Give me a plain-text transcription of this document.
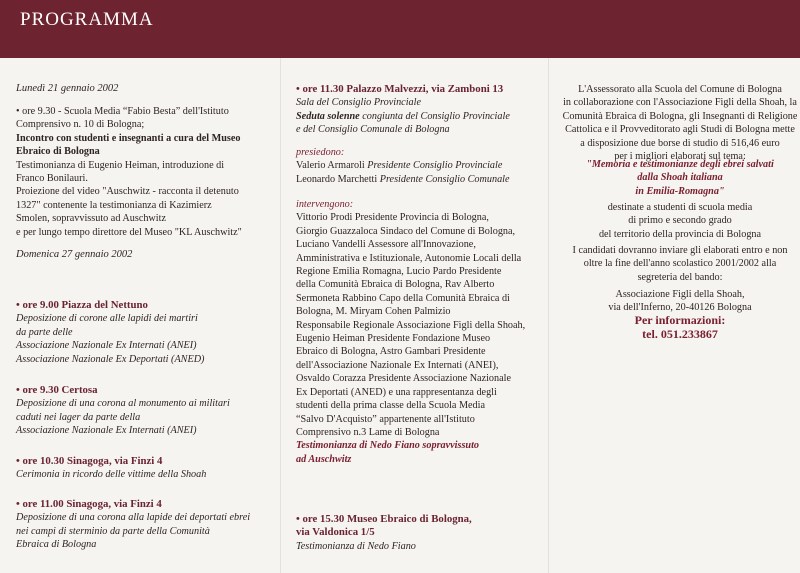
PROGRAMMA
Lunedì 21 gennaio 2002

• ore 9.30 - Scuola Media “Fabio Besta” dell'Istituto

Comprensivo n. 10 di Bologna;

Incontro con studenti e insegnanti a cura del Museo

Ebraico di Bologna

Testimonianza di Eugenio Heiman, introduzione di

Franco Bonilauri.

Proiezione del video "Auschwitz - racconta il detenuto

1327" contenente la testimonianza di Kazimierz

Smolen, sopravvissuto ad Auschwitz

e per lungo tempo direttore del Museo "KL Auschwitz"

Domenica 27 gennaio 2002

• ore 9.00 Piazza del Nettuno

Deposizione di corone alle lapidi dei martiri

da parte delle

Associazione Nazionale Ex Internati (ANEI)

Associazione Nazionale Ex Deportati (ANED)

• ore 9.30 Certosa

Deposizione di una corona al monumento ai militari

caduti nei lager da parte della

Associazione Nazionale Ex Internati (ANEI)

• ore 10.30 Sinagoga, via Finzi 4

Cerimonia in ricordo delle vittime della Shoah

• ore 11.00 Sinagoga, via Finzi 4

Deposizione di una corona alla lapide dei deportati ebrei

nei campi di sterminio da parte della Comunità

Ebraica di Bologna

• ore 11.30 Palazzo Malvezzi, via Zamboni 13

Sala del Consiglio Provinciale

Seduta solenne congiunta del Consiglio Provinciale

e del Consiglio Comunale di Bologna

presiedono:

Valerio Armaroli Presidente Consiglio Provinciale

Leonardo Marchetti Presidente Consiglio Comunale

intervengono:

Vittorio Prodi Presidente Provincia di Bologna,

Giorgio Guazzaloca Sindaco del Comune di Bologna,

Luciano Vandelli Assessore all'Innovazione,

Amministrativa e Istituzionale, Autonomie Locali della

Regione Emilia Romagna, Lucio Pardo Presidente

della Comunità Ebraica di Bologna, Rav Alberto

Sermoneta Rabbino Capo della Comunità Ebraica di

Bologna, M. Miryam Cohen Palmizio

Responsabile Regionale Associazione Figli della Shoah,

Eugenio Heiman Presidente Fondazione Museo

Ebraico di Bologna, Astro Gambari Presidente

dell'Associazione Nazionale Ex Internati (ANEI),

Osvaldo Corazza Presidente Associazione Nazionale

Ex Deportati (ANED) e una rappresentanza degli

studenti della prima classe della Scuola Media

“Salvo D'Acquisto” appartenente all'Istituto

Comprensivo n.3 Lame di Bologna

Testimonianza di Nedo Fiano sopravvissuto

ad Auschwitz

• ore 15.30 Museo Ebraico di Bologna,

via Valdonica 1/5

Testimonianza di Nedo Fiano

L'Assessorato alla Scuola del Comune di Bologna

in collaborazione con l'Associazione Figli della Shoah, la

Comunità Ebraica di Bologna, gli Insegnanti di Religione

Cattolica e il Provveditorato agli Studi di Bologna mette

a disposizione due borse di studio di 516,46 euro

per i migliori elaborati sul tema:

"Memoria e testimonianze degli ebrei salvati

dalla Shoah italiana

in Emilia-Romagna"

destinate a studenti di scuola media

di primo e secondo grado

del territorio della provincia di Bologna

I candidati dovranno inviare gli elaborati entro e non

oltre la fine dell'anno scolastico 2001/2002 alla

segreteria del bando:

Associazione Figli della Shoah,

via dell'Inferno, 20-40126 Bologna

Per informazioni:

tel. 051.233867
